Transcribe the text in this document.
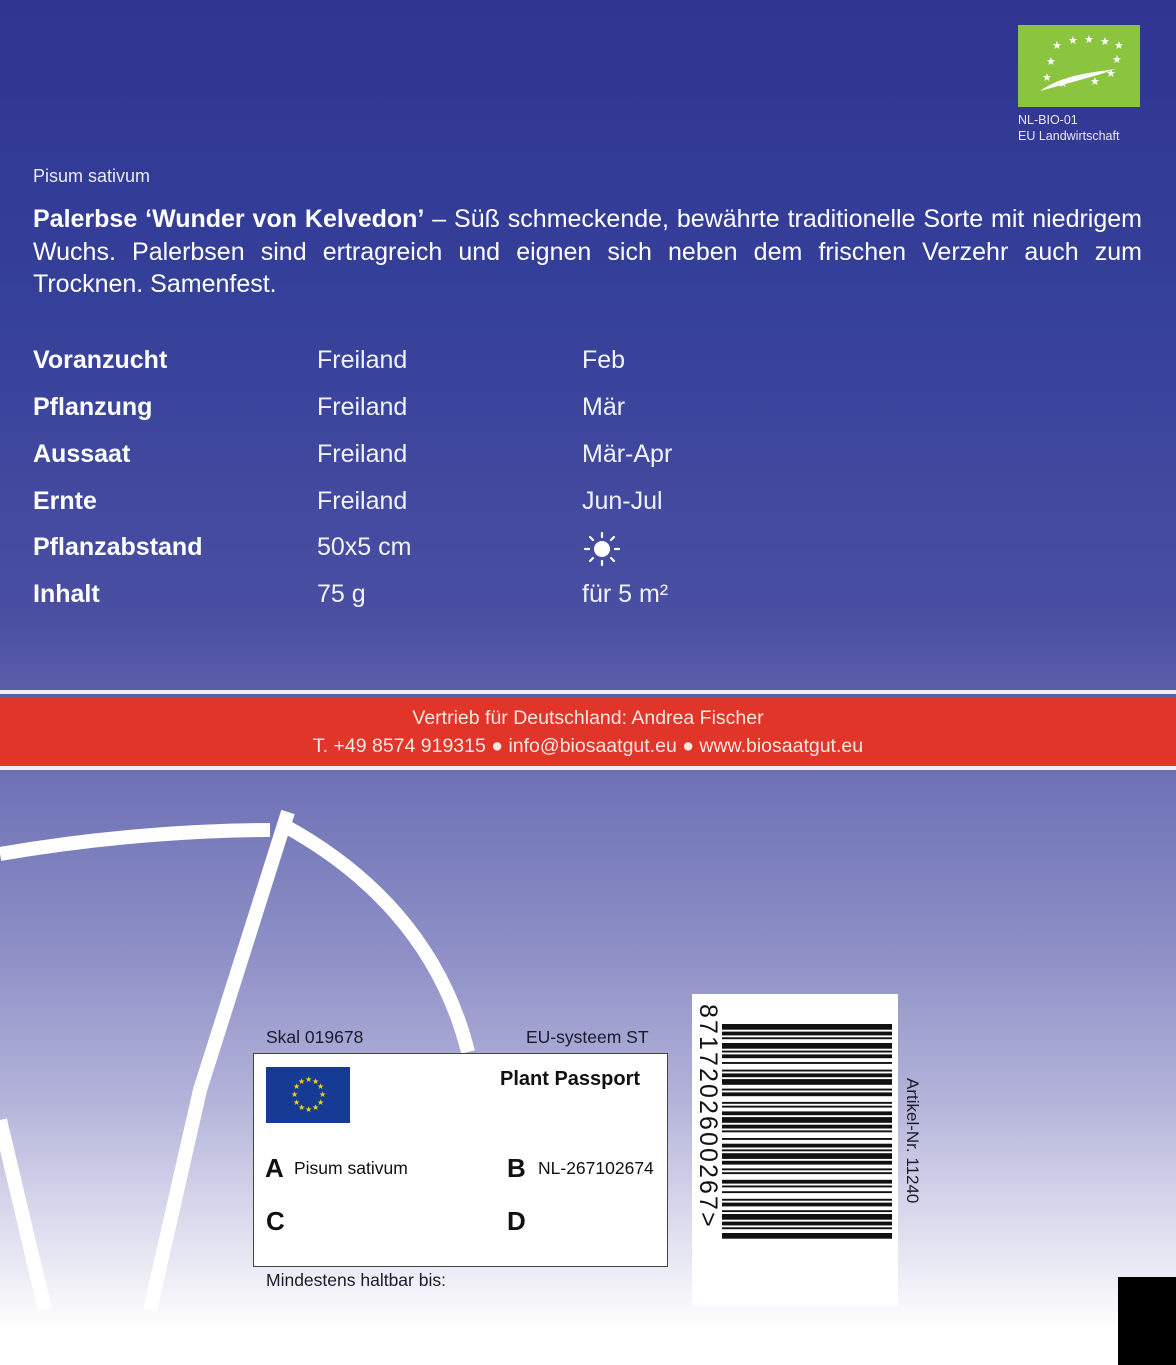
★ ★ ★ ★ ★
★
★
★
★	★
NL-BIO-01
EU Landwirtschaft
Pisum sativum
Palerbse ‘Wunder von Kelvedon’ – Süß schmeckende, bewährte traditionelle Sorte mit niedrigem Wuchs. Palerbsen sind ertragreich und eignen sich neben dem frischen Verzehr auch zum Trocknen. Samenfest.
Voranzucht	Freiland	Feb
Pflanzung	Freiland	Mär
Aussaat	Freiland	Mär-Apr
Ernte	Freiland	Jun-Jul
Pflanzabstand	50x5 cm
Inhalt	75 g	für 5 m²
Vertrieb für Deutschland: Andrea Fischer
T. +49 8574 919315 ● info@biosaatgut.eu ● www.biosaatgut.eu
Skal 019678	EU-systeem ST
★ ★
★
★
★
★
★
★
★
★
★
★	Plant Passport
A Pisum sativum	B NL-267102674
C	D
Mindestens haltbar bis:
8717202600267>
Artikel-Nr. 11240
